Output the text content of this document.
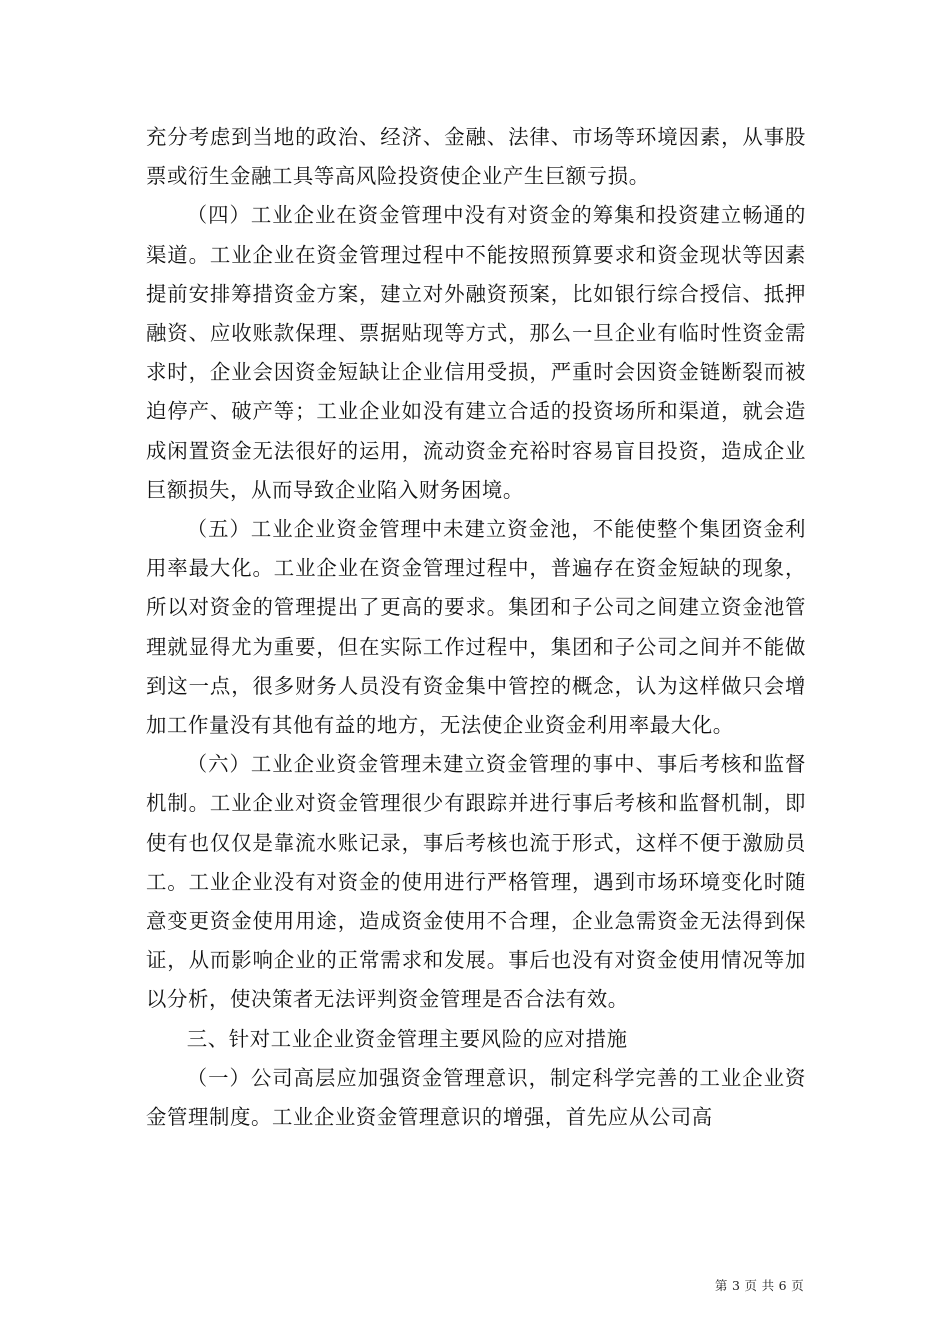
充分考虑到当地的政治、经济、金融、法律、市场等环境因素，从事股票或衍生金融工具等高风险投资使企业产生巨额亏损。

（四）工业企业在资金管理中没有对资金的筹集和投资建立畅通的渠道。工业企业在资金管理过程中不能按照预算要求和资金现状等因素提前安排筹措资金方案，建立对外融资预案，比如银行综合授信、抵押融资、应收账款保理、票据贴现等方式，那么一旦企业有临时性资金需求时，企业会因资金短缺让企业信用受损，严重时会因资金链断裂而被迫停产、破产等；工业企业如没有建立合适的投资场所和渠道，就会造成闲置资金无法很好的运用，流动资金充裕时容易盲目投资，造成企业巨额损失，从而导致企业陷入财务困境。

（五）工业企业资金管理中未建立资金池，不能使整个集团资金利用率最大化。工业企业在资金管理过程中，普遍存在资金短缺的现象，所以对资金的管理提出了更高的要求。集团和子公司之间建立资金池管理就显得尤为重要，但在实际工作过程中，集团和子公司之间并不能做到这一点，很多财务人员没有资金集中管控的概念，认为这样做只会增加工作量没有其他有益的地方，无法使企业资金利用率最大化。

（六）工业企业资金管理未建立资金管理的事中、事后考核和监督机制。工业企业对资金管理很少有跟踪并进行事后考核和监督机制，即使有也仅仅是靠流水账记录，事后考核也流于形式，这样不便于激励员工。工业企业没有对资金的使用进行严格管理，遇到市场环境变化时随意变更资金使用用途，造成资金使用不合理，企业急需资金无法得到保证，从而影响企业的正常需求和发展。事后也没有对资金使用情况等加以分析，使决策者无法评判资金管理是否合法有效。

三、针对工业企业资金管理主要风险的应对措施

（一）公司高层应加强资金管理意识，制定科学完善的工业企业资金管理制度。工业企业资金管理意识的增强，首先应从公司高

第 3 页 共 6 页
